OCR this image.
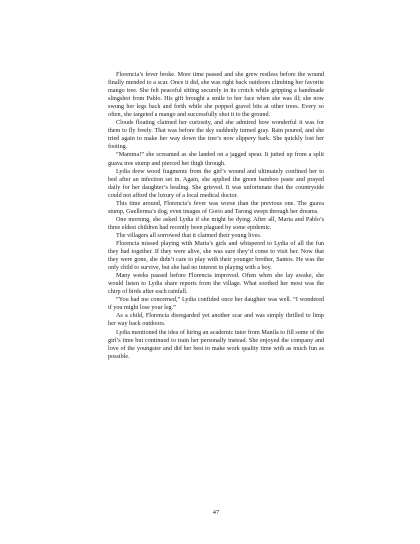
Florencia’s fever broke. More time passed and she grew restless before the wound finally mended to a scar. Once it did, she was right back outdoors climbing her favorite mango tree. She felt peaceful sitting securely in its crotch while gripping a handmade slingshot from Pablo. His gift brought a smile to her face when she was ill; she now swung her legs back and forth while she popped gravel bits at other trees. Every so often, she targeted a mango and successfully shot it to the ground.

Clouds floating claimed her curiosity, and she admired how wonderful it was for them to fly freely. That was before the sky suddenly turned gray. Rain poured, and she tried again to make her way down the tree’s now slippery bark. She quickly lost her footing.

“Mamma!” she screamed as she landed on a jagged spear. It jutted up from a split guava tree stump and pierced her thigh through.

Lydia drew wood fragments from the girl’s wound and ultimately confined her to bed after an infection set in. Again, she applied the green bamboo paste and prayed daily for her daughter’s healing. She grieved. It was unfortunate that the countryside could not afford the luxury of a local medical doctor.

This time around, Florencia’s fever was worse than the previous one. The guava stump, Guellerma’s dog, even images of Gorio and Tarong swept through her dreams.

One morning, she asked Lydia if she might be dying. After all, Maria and Pablo’s three eldest children had recently been plagued by some epidemic.

The villagers all sorrowed that it claimed their young lives.

Florencia missed playing with Maria’s girls and whispered to Lydia of all the fun they had together. If they were alive, she was sure they’d come to visit her. Now that they were gone, she didn’t care to play with their younger brother, Santos. He was the only child to survive, but she had no interest in playing with a boy.

Many weeks passed before Florencia improved. Often when she lay awake, she would listen to Lydia share reports from the village. What soothed her most was the chirp of birds after each rainfall.

“You had me concerned,” Lydia confided once her daughter was well. “I wondered if you might lose your leg.”

As a child, Florencia disregarded yet another scar and was simply thrilled to limp her way back outdoors.

Lydia mentioned the idea of hiring an academic tutor from Manila to fill some of the girl’s time but continued to train her personally instead. She enjoyed the company and love of the youngster and did her best to make work quality time with as much fun as possible.

47
